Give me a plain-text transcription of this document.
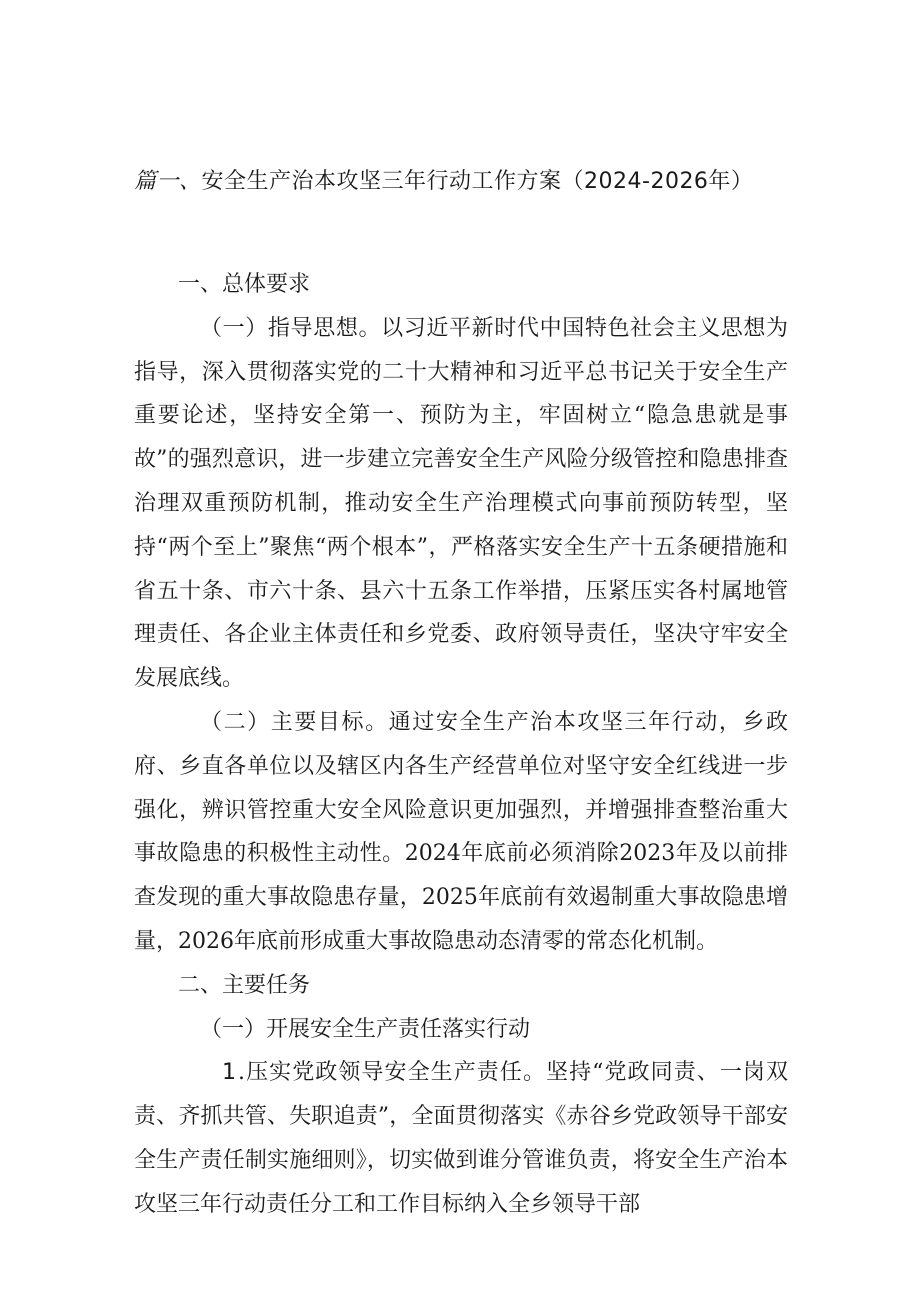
篇一、安全生产治本攻坚三年行动工作方案（2024-2026年）

一、总体要求

（一）指导思想。以习近平新时代中国特色社会主义思想为指导，深入贯彻落实党的二十大精神和习近平总书记关于安全生产重要论述，坚持安全第一、预防为主，牢固树立“隐急患就是事故”的强烈意识，进一步建立完善安全生产风险分级管控和隐患排查治理双重预防机制，推动安全生产治理模式向事前预防转型，坚持“两个至上”聚焦“两个根本”，严格落实安全生产十五条硬措施和省五十条、市六十条、县六十五条工作举措，压紧压实各村属地管理责任、各企业主体责任和乡党委、政府领导责任，坚决守牢安全发展底线。

（二）主要目标。通过安全生产治本攻坚三年行动，乡政府、乡直各单位以及辖区内各生产经营单位对坚守安全红线进一步强化，辨识管控重大安全风险意识更加强烈，并增强排查整治重大事故隐患的积极性主动性。2024年底前必须消除2023年及以前排查发现的重大事故隐患存量，2025年底前有效遏制重大事故隐患增量，2026年底前形成重大事故隐患动态清零的常态化机制。

二、主要任务

（一）开展安全生产责任落实行动

1.压实党政领导安全生产责任。坚持“党政同责、一岗双责、齐抓共管、失职追责”，全面贯彻落实《赤谷乡党政领导干部安全生产责任制实施细则》，切实做到谁分管谁负责，将安全生产治本攻坚三年行动责任分工和工作目标纳入全乡领导干部
